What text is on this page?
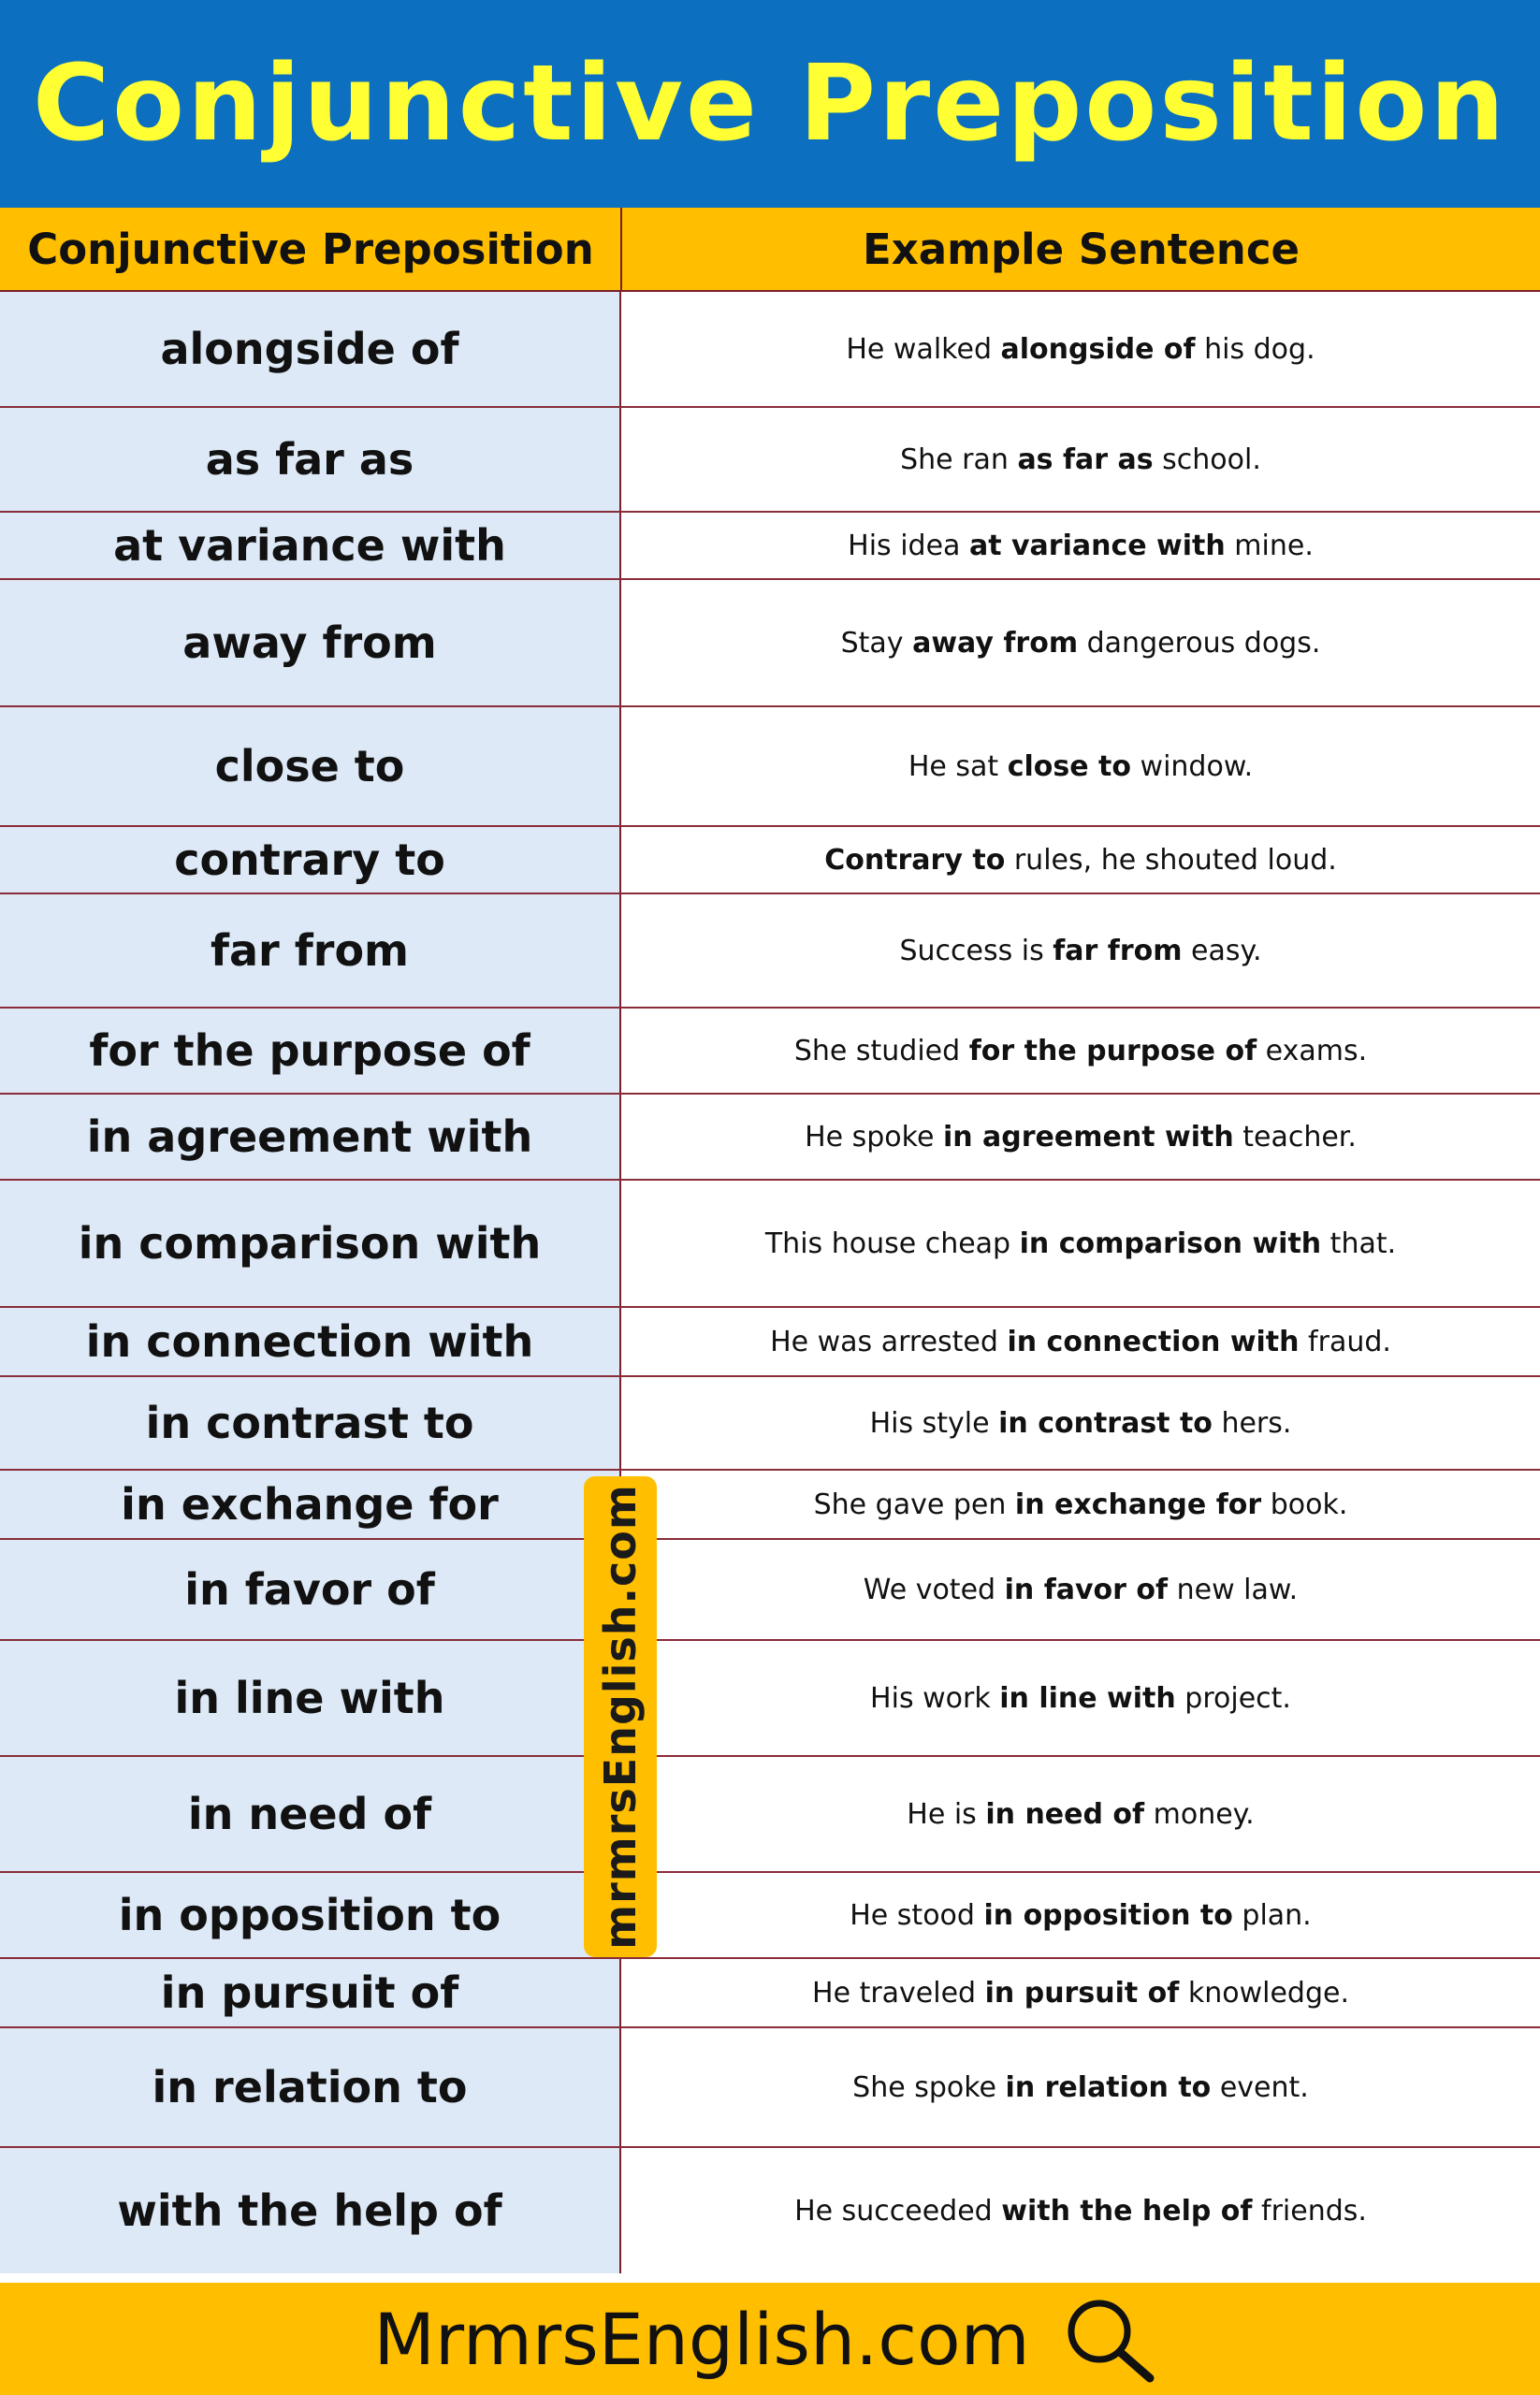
Conjunctive Preposition
Conjunctive Preposition	Example Sentence
alongside of	He walked alongside of his dog.
as far as	She ran as far as school.
at variance with	His idea at variance with mine.
away from	Stay away from dangerous dogs.
close to	He sat close to window.
contrary to	Contrary to rules, he shouted loud.
far from	Success is far from easy.
for the purpose of	She studied for the purpose of exams.
in agreement with	He spoke in agreement with teacher.
in comparison with	This house cheap in comparison with that.
in connection with	He was arrested in connection with fraud.
in contrast to	His style in contrast to hers.
in exchange for	She gave pen in exchange for book.
in favor of	We voted in favor of new law.
in line with	His work in line with project.
in need of	He is in need of money.
in opposition to	He stood in opposition to plan.
in pursuit of	He traveled in pursuit of knowledge.
in relation to	She spoke in relation to event.
with the help of	He succeeded with the help of friends.
mrmrsEnglish.com
MrmrsEnglish.com
